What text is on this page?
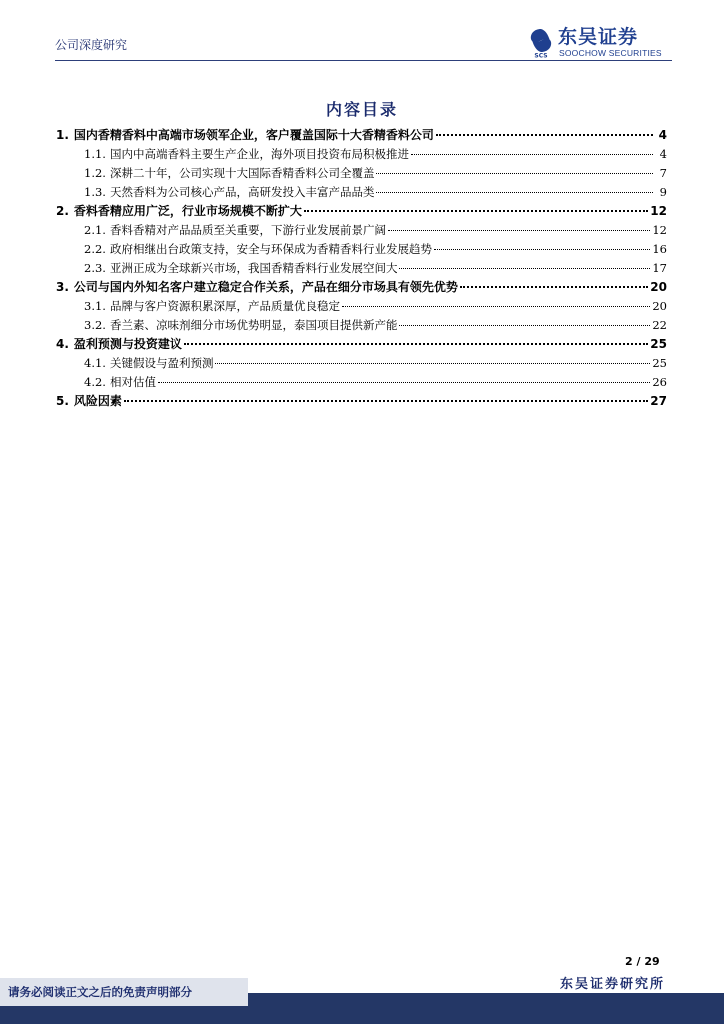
公司深度研究
SCS
东吴证券
SOOCHOW SECURITIES
内容目录
1. 国内香精香料中高端市场领军企业，客户覆盖国际十大香精香料公司	4
1.1. 国内中高端香料主要生产企业，海外项目投资布局积极推进	4
1.2. 深耕二十年，公司实现十大国际香精香料公司全覆盖	7
1.3. 天然香料为公司核心产品，高研发投入丰富产品品类	9
2. 香料香精应用广泛，行业市场规模不断扩大	12
2.1. 香料香精对产品品质至关重要，下游行业发展前景广阔	12
2.2. 政府相继出台政策支持，安全与环保成为香精香料行业发展趋势	16
2.3. 亚洲正成为全球新兴市场，我国香精香料行业发展空间大	17
3. 公司与国内外知名客户建立稳定合作关系，产品在细分市场具有领先优势	20
3.1. 品牌与客户资源积累深厚，产品质量优良稳定	20
3.2. 香兰素、凉味剂细分市场优势明显，泰国项目提供新产能	22
4. 盈利预测与投资建议	25
4.1. 关键假设与盈利预测	25
4.2. 相对估值	26
5. 风险因素	27
2 / 29
东吴证券研究所
请务必阅读正文之后的免责声明部分
